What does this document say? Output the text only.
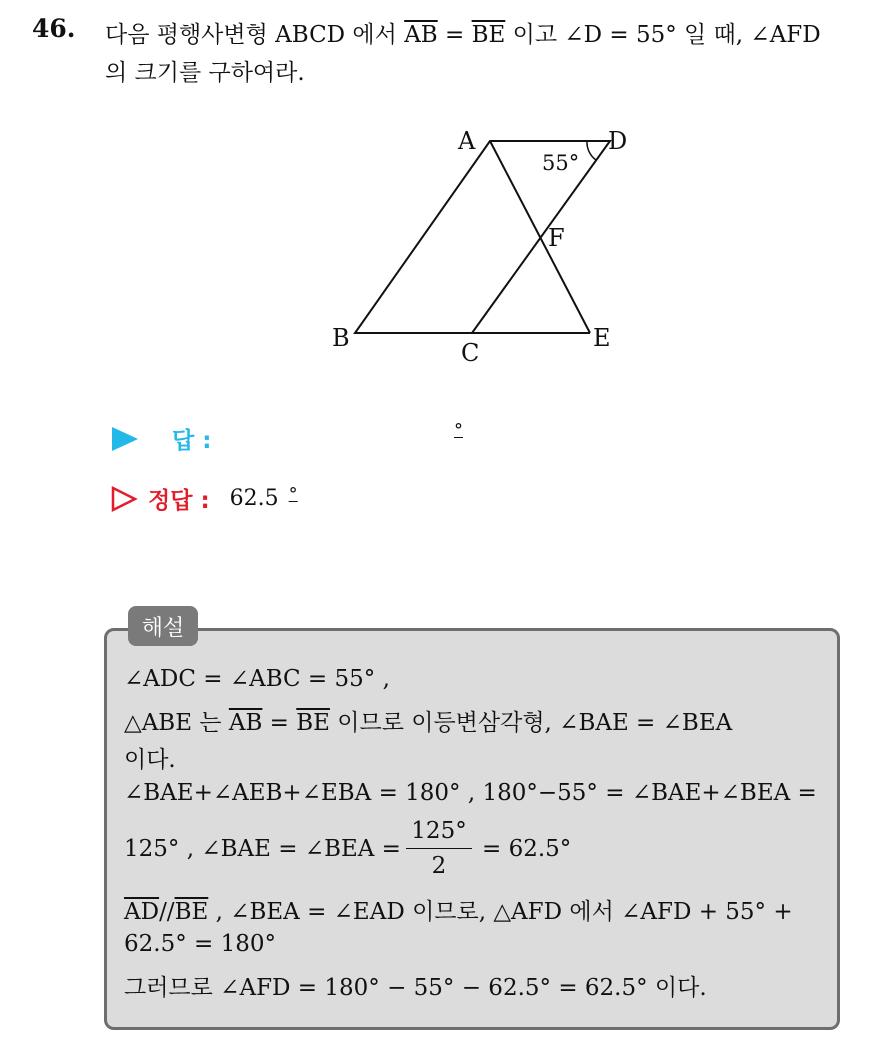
46. 다음 평행사변형 ABCD 에서 $\overline{AB} = \overline{BE}$ 이고 ∠D = 55° 일 때, ∠AFD
의 크기를 구하여라.
A	D
B
C
E
F
55°
답 :	°
정답 : 62.5 °
해설
∠ADC = ∠ABC = 55° ,
△ABE 는 $\overline{AB} = \overline{BE}$ 이므로 이등변삼각형, ∠BAE = ∠BEA
이다.
∠BAE+∠AEB+∠EBA = 180° , 180°−55° = ∠BAE+∠BEA =
125° , ∠BAE = ∠BEA = $\frac{125^\circ}{2} = 62.5^\circ$
$\overline{AD}//\overline{BE}$ , ∠BEA = ∠EAD 이므로, △AFD 에서 ∠AFD + 55° +
62.5° = 180°
그러므로 ∠AFD = 180° − 55° − 62.5° = 62.5° 이다.
